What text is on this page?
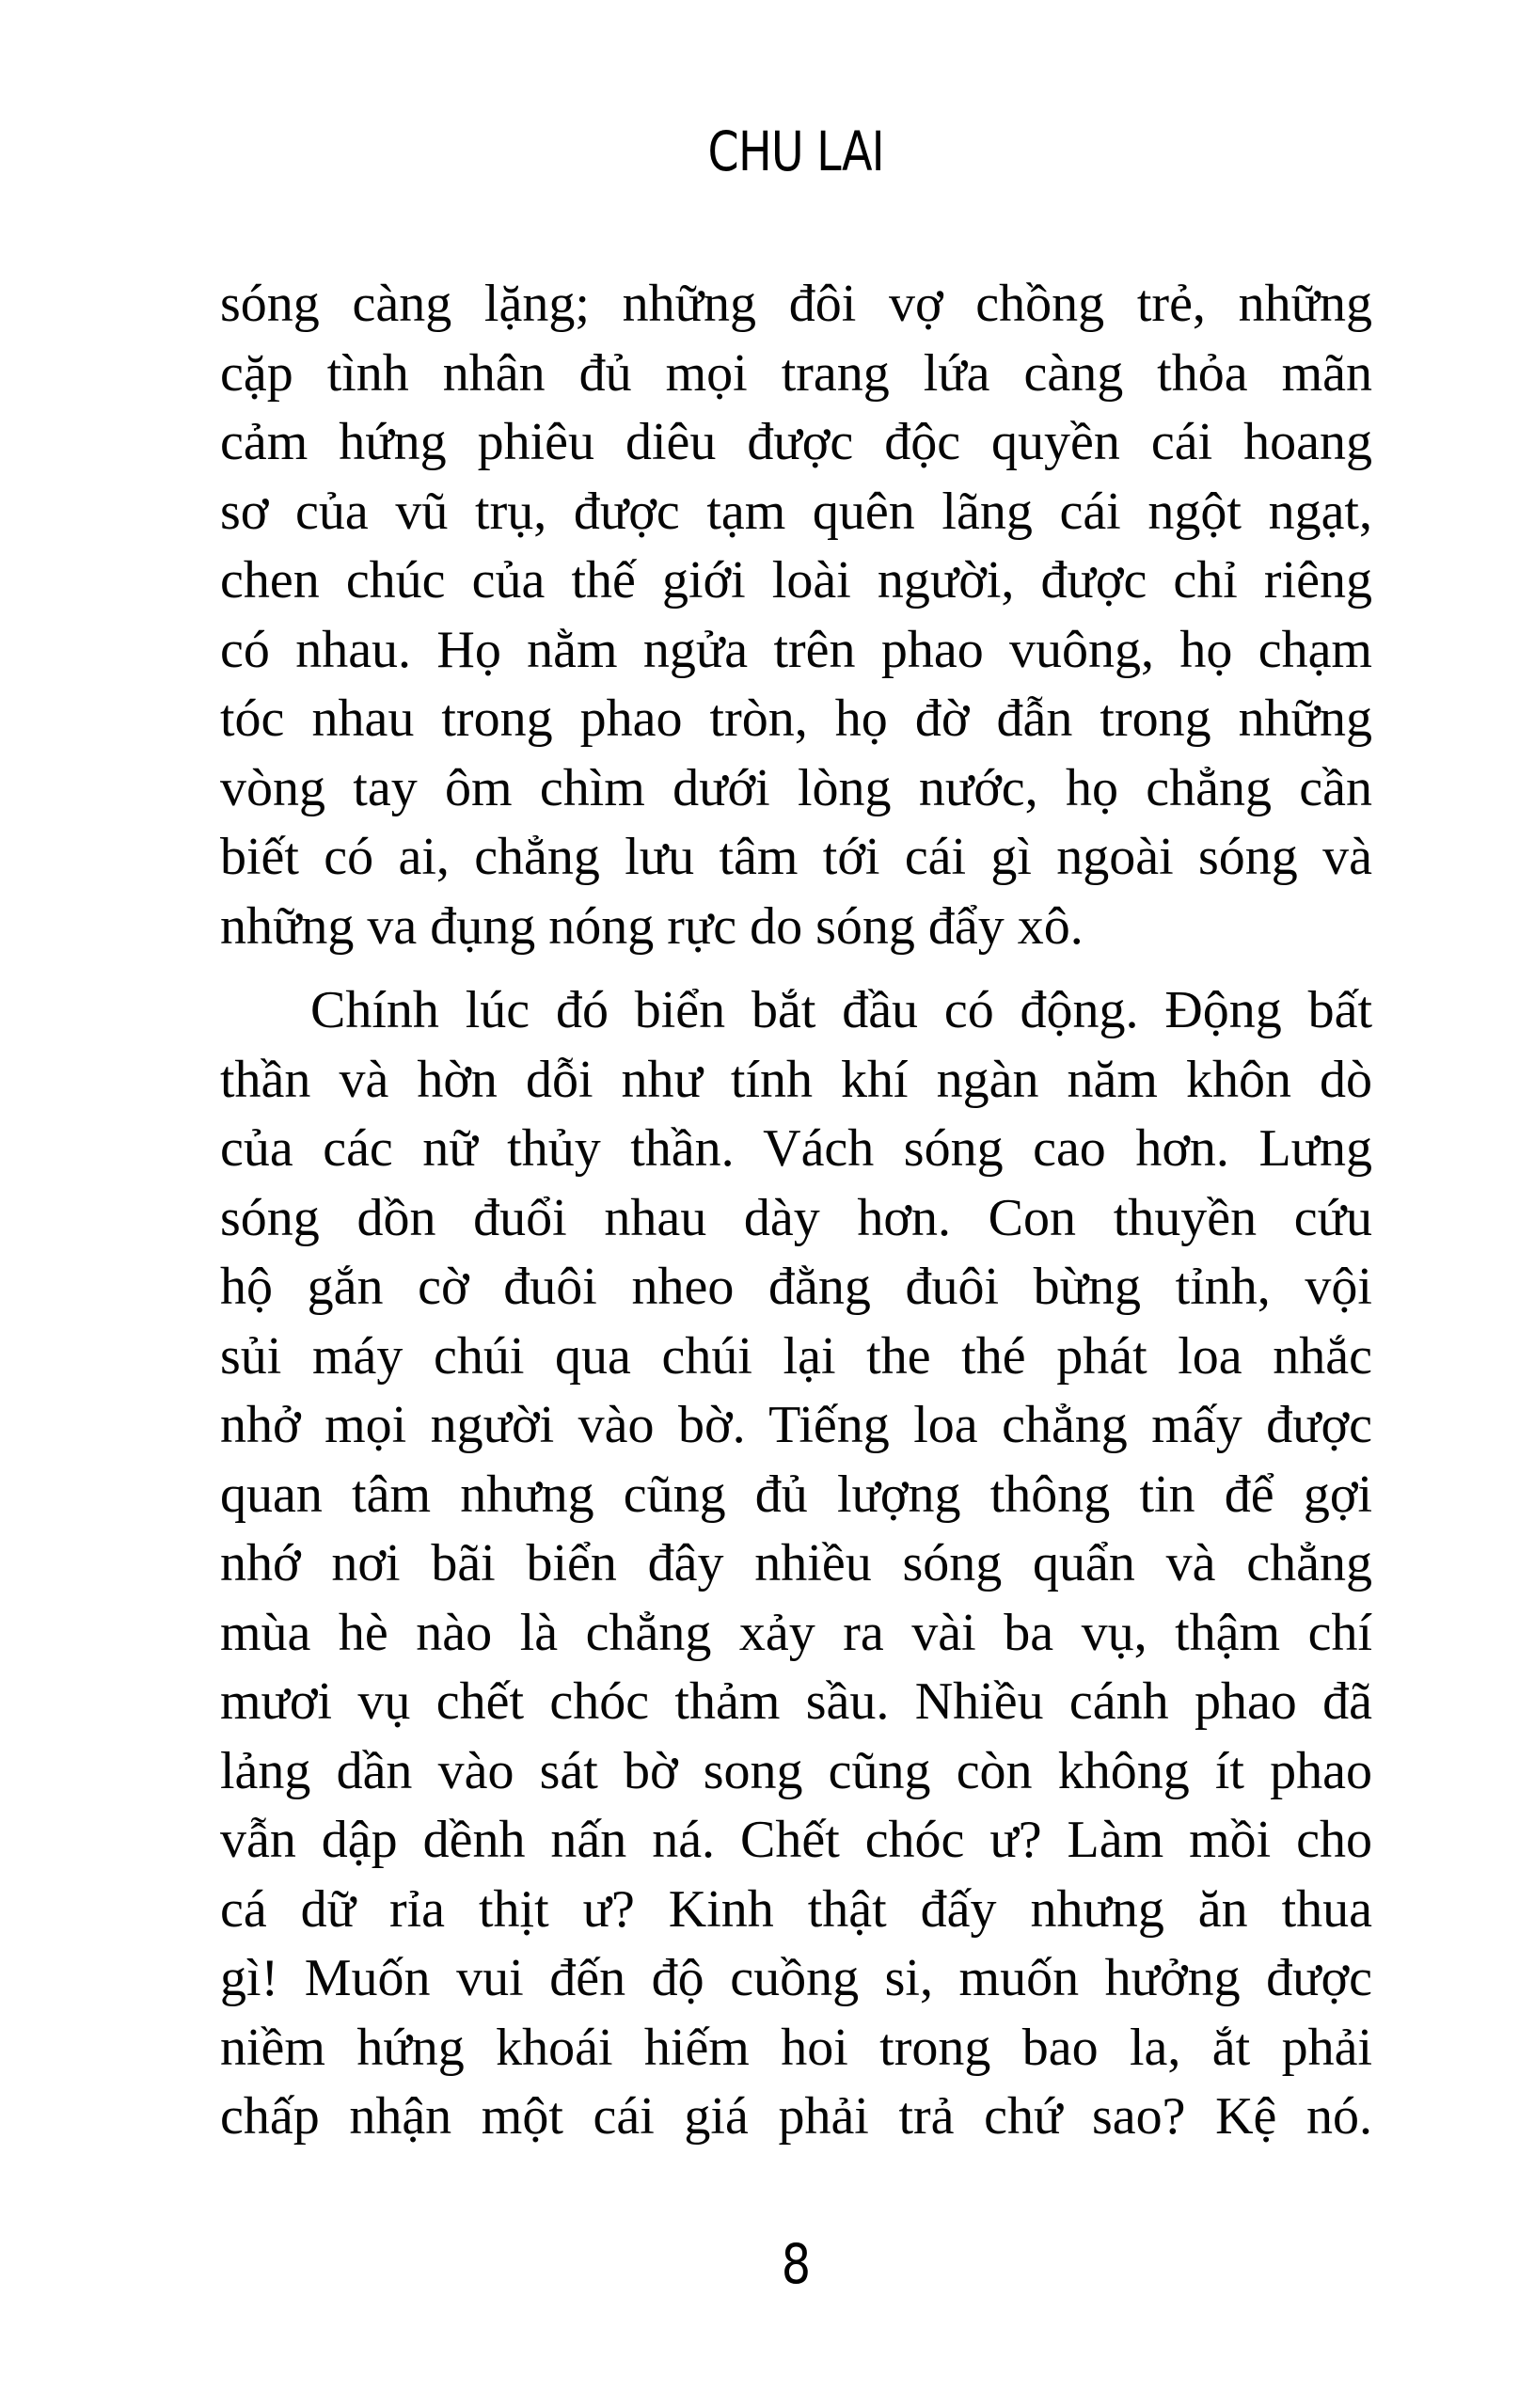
CHU LAI
sóng càng lặng; những đôi vợ chồng trẻ, những
cặp tình nhân đủ mọi trang lứa càng thỏa mãn
cảm hứng phiêu diêu được độc quyền cái hoang
sơ của vũ trụ, được tạm quên lãng cái ngột ngạt,
chen chúc của thế giới loài người, được chỉ riêng
có nhau. Họ nằm ngửa trên phao vuông, họ chạm
tóc nhau trong phao tròn, họ đờ đẫn trong những
vòng tay ôm chìm dưới lòng nước, họ chẳng cần
biết có ai, chẳng lưu tâm tới cái gì ngoài sóng và
những va đụng nóng rực do sóng đẩy xô.
Chính lúc đó biển bắt đầu có động. Động bất
thần và hờn dỗi như tính khí ngàn năm khôn dò
của các nữ thủy thần. Vách sóng cao hơn. Lưng
sóng dồn đuổi nhau dày hơn. Con thuyền cứu
hộ gắn cờ đuôi nheo đằng đuôi bừng tỉnh, vội
sủi máy chúi qua chúi lại the thé phát loa nhắc
nhở mọi người vào bờ. Tiếng loa chẳng mấy được
quan tâm nhưng cũng đủ lượng thông tin để gợi
nhớ nơi bãi biển đây nhiều sóng quẩn và chẳng
mùa hè nào là chẳng xảy ra vài ba vụ, thậm chí
mươi vụ chết chóc thảm sầu. Nhiều cánh phao đã
lảng dần vào sát bờ song cũng còn không ít phao
vẫn dập dềnh nấn ná. Chết chóc ư? Làm mồi cho
cá dữ rỉa thịt ư? Kinh thật đấy nhưng ăn thua
gì! Muốn vui đến độ cuồng si, muốn hưởng được
niềm hứng khoái hiếm hoi trong bao la, ắt phải
chấp nhận một cái giá phải trả chứ sao? Kệ nó.
8
